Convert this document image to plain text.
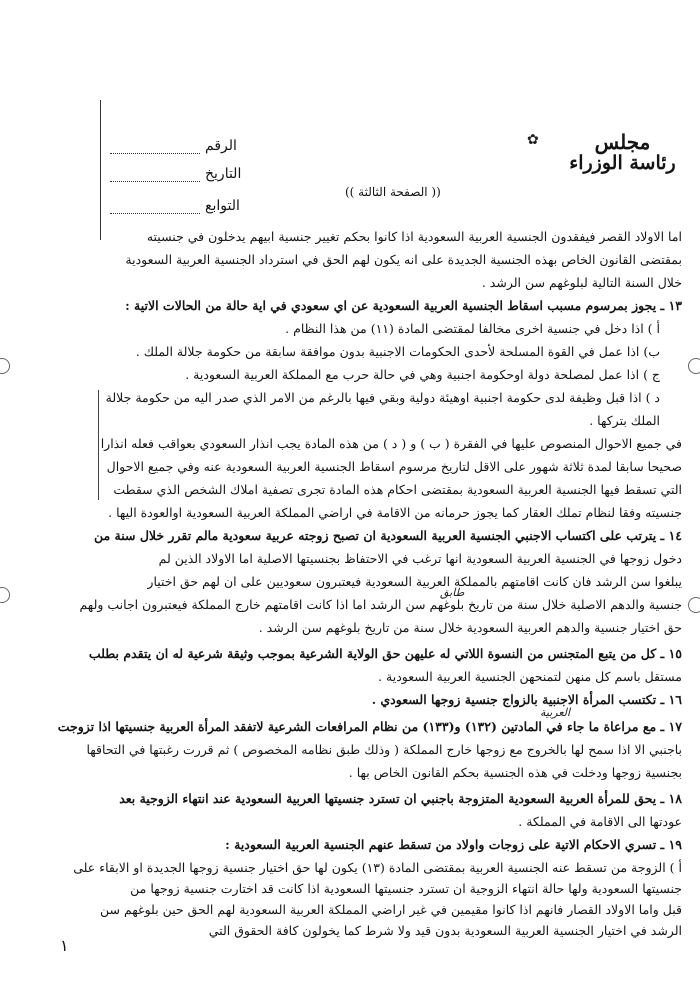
الرقم
التاريخ
التوابع
✿	مجلس
رئاسة الوزراء
(( الصفحة الثالثة ))
اما الاولاد القصر فيفقدون الجنسية العربية السعودية اذا كانوا بحكم تغيير جنسية ابيهم يدخلون في جنسيته
بمقتضى القانون الخاص بهذه الجنسية الجديدة على انه يكون لهم الحق في استرداد الجنسية العربية السعودية
خلال السنة التالية لبلوغهم سن الرشد .
١٣ ـ يجوز بمرسوم مسبب اسقاط الجنسية العربية السعودية عن اي سعودي في اية حالة من الحالات الاتية :
أ ) اذا دخل في جنسية اخرى مخالفا لمقتضى المادة (١١) من هذا النظام .
ب) اذا عمل في القوة المسلحة لأحدى الحكومات الاجنبية بدون موافقة سابقة من حكومة جلالة الملك .
ج ) اذا عمل لمصلحة دولة اوحكومة اجنبية وهي في حالة حرب مع المملكة العربية السعودية .
د ) اذا قبل وظيفة لدى حكومة اجنبية اوهيئة دولية وبقي فيها بالرغم من الامر الذي صدر اليه من حكومة جلالة
الملك بتركها .
في جميع الاحوال المنصوص عليها في الفقرة ( ب ) و ( د ) من هذه المادة يجب انذار السعودي بعواقب فعله انذارا
صحيحا سابقا لمدة ثلاثة شهور على الاقل لتاريخ مرسوم اسقاط الجنسية العربية السعودية عنه وفي جميع الاحوال
التي تسقط فيها الجنسية العربية السعودية بمقتضى احكام هذه المادة تجرى تصفية املاك الشخص الذي سقطت
جنسيته وفقا لنظام تملك العقار كما يجوز حرمانه من الاقامة في اراضي المملكة العربية السعودية اوالعودة اليها .
١٤ ـ يترتب على اكتساب الاجنبي الجنسية العربية السعودية ان تصبح زوجته عربية سعودية مالم تقرر خلال سنة من
دخول زوجها في الجنسية العربية السعودية انها ترغب في الاحتفاظ بجنسيتها الاصلية اما الاولاد الذين لم
يبلغوا سن الرشد فان كانت اقامتهم بالمملكة العربية السعودية فيعتبرون سعوديين على ان لهم حق اختيار
طابق
جنسية والدهم الاصلية خلال سنة من تاريخ بلوغهم سن الرشد اما اذا كانت اقامتهم خارج المملكة فيعتبرون اجانب ولهم
حق اختيار جنسية والدهم العربية السعودية خلال سنة من تاريخ بلوغهم سن الرشد .
١٥ ـ كل من يتبع المتجنس من النسوة اللاتي له عليهن حق الولاية الشرعية بموجب وثيقة شرعية له ان يتقدم بطلب
مستقل باسم كل منهن لتمنحهن الجنسية العربية السعودية .
١٦ ـ تكتسب المرأة الاجنبية بالزواج جنسية زوجها السعودي .
العربية
١٧ ـ مع مراعاة ما جاء في المادتين (١٣٢) و(١٣٣) من نظام المرافعات الشرعية لاتفقد المرأة العربية جنسيتها اذا تزوجت
باجنبي الا اذا سمح لها بالخروج مع زوجها خارج المملكة ( وذلك طبق نظامه المخصوص ) ثم قررت رغبتها في التحاقها
بجنسية زوجها ودخلت في هذه الجنسية بحكم القانون الخاص بها .
١٨ ـ يحق للمرأة العربية السعودية المتزوجة باجنبي ان تسترد جنسيتها العربية السعودية عند انتهاء الزوجية بعد
عودتها الى الاقامة في المملكة .
١٩ ـ تسري الاحكام الاتية على زوجات واولاد من تسقط عنهم الجنسية العربية السعودية :
أ ) الزوجة من تسقط عنه الجنسية العربية بمقتضى المادة (١٣) يكون لها حق اختيار جنسية زوجها الجديدة او الابقاء على
جنسيتها السعودية ولها حالة انتهاء الزوجية ان تسترد جنسيتها السعودية اذا كانت قد اختارت جنسية زوجها من
قبل واما الاولاد القصار فانهم اذا كانوا مقيمين في غير اراضي المملكة العربية السعودية لهم الحق حين بلوغهم سن
الرشد في اختيار الجنسية العربية السعودية بدون قيد ولا شرط كما يخولون كافة الحقوق التي
١
